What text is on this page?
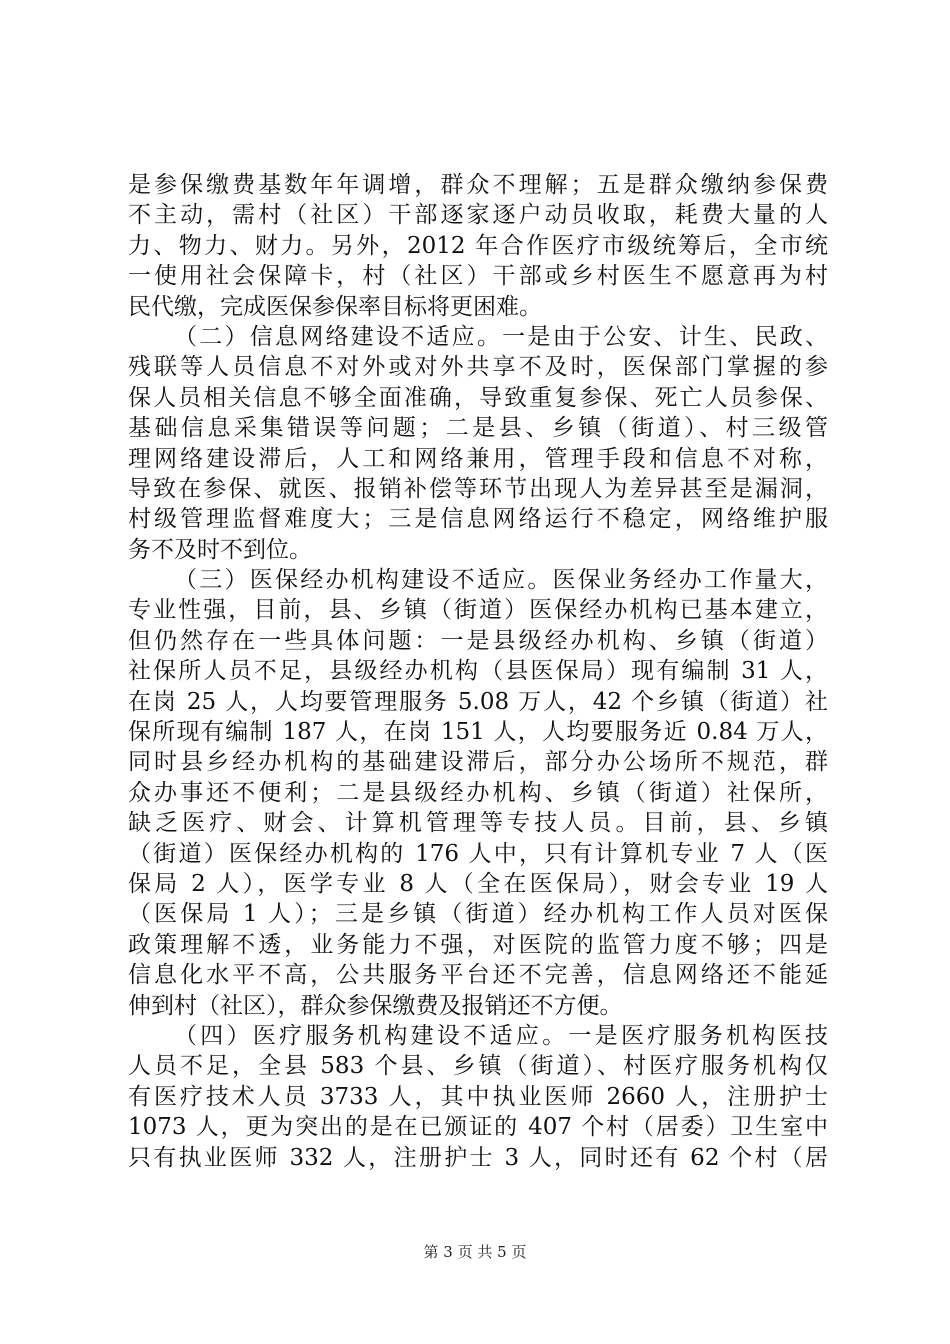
是参保缴费基数年年调增，群众不理解；五是群众缴纳参保费
不主动，需村（社区）干部逐家逐户动员收取，耗费大量的人
力、物力、财力。另外，2012 年合作医疗市级统筹后，全市统
一使用社会保障卡，村（社区）干部或乡村医生不愿意再为村
民代缴，完成医保参保率目标将更困难。
（二）信息网络建设不适应。一是由于公安、计生、民政、
残联等人员信息不对外或对外共享不及时，医保部门掌握的参
保人员相关信息不够全面准确，导致重复参保、死亡人员参保、
基础信息采集错误等问题；二是县、乡镇（街道）、村三级管
理网络建设滞后，人工和网络兼用，管理手段和信息不对称，
导致在参保、就医、报销补偿等环节出现人为差异甚至是漏洞，
村级管理监督难度大；三是信息网络运行不稳定，网络维护服
务不及时不到位。
（三）医保经办机构建设不适应。医保业务经办工作量大，
专业性强，目前，县、乡镇（街道）医保经办机构已基本建立，
但仍然存在一些具体问题：一是县级经办机构、乡镇（街道）
社保所人员不足，县级经办机构（县医保局）现有编制 31 人，
在岗 25 人，人均要管理服务 5.08 万人，42 个乡镇（街道）社
保所现有编制 187 人，在岗 151 人，人均要服务近 0.84 万人，
同时县乡经办机构的基础建设滞后，部分办公场所不规范，群
众办事还不便利；二是县级经办机构、乡镇（街道）社保所，
缺乏医疗、财会、计算机管理等专技人员。目前，县、乡镇
（街道）医保经办机构的 176 人中，只有计算机专业 7 人（医
保局 2 人），医学专业 8 人（全在医保局），财会专业 19 人
（医保局 1 人）；三是乡镇（街道）经办机构工作人员对医保
政策理解不透，业务能力不强，对医院的监管力度不够；四是
信息化水平不高，公共服务平台还不完善，信息网络还不能延
伸到村（社区），群众参保缴费及报销还不方便。
（四）医疗服务机构建设不适应。一是医疗服务机构医技
人员不足，全县 583 个县、乡镇（街道）、村医疗服务机构仅
有医疗技术人员 3733 人，其中执业医师 2660 人，注册护士
1073 人，更为突出的是在已颁证的 407 个村（居委）卫生室中
只有执业医师 332 人，注册护士 3 人，同时还有 62 个村（居
第 3 页 共 5 页
